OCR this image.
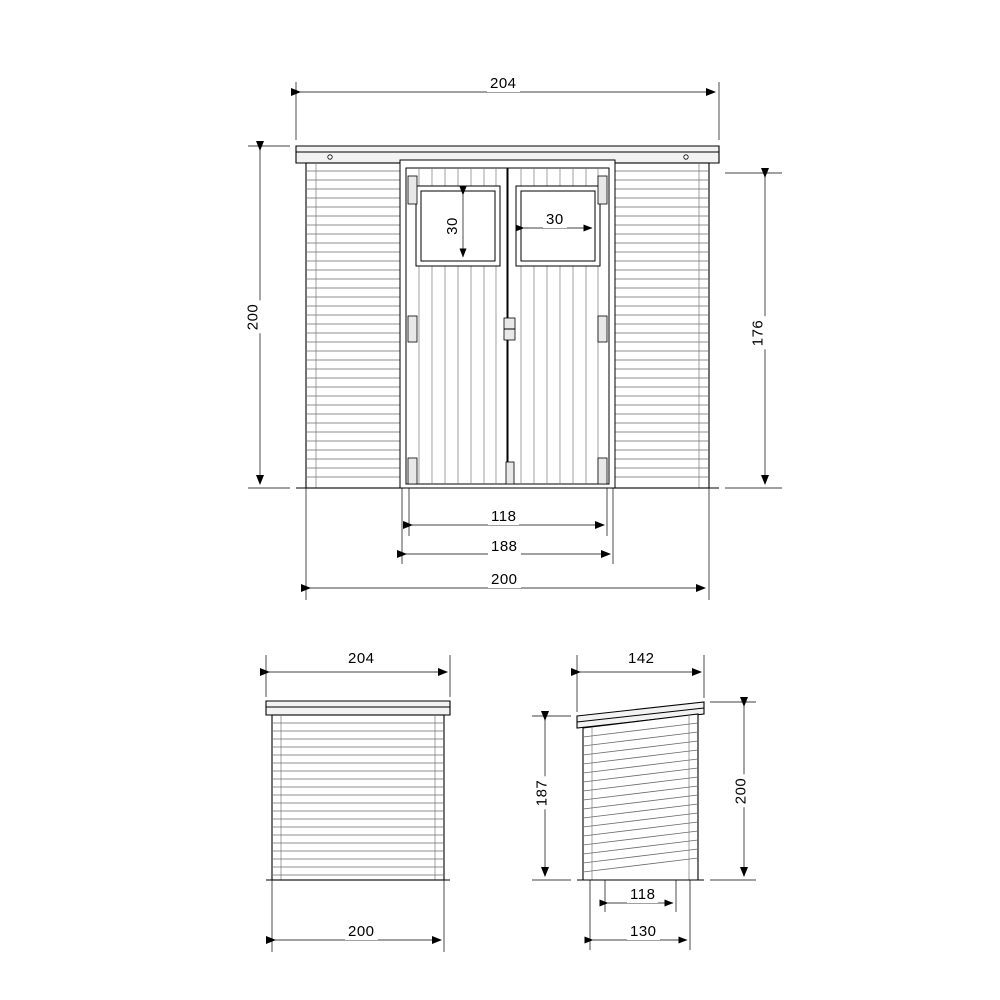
204
200
176
30	30
118
188
200
204
200
142
187	200
118
130
